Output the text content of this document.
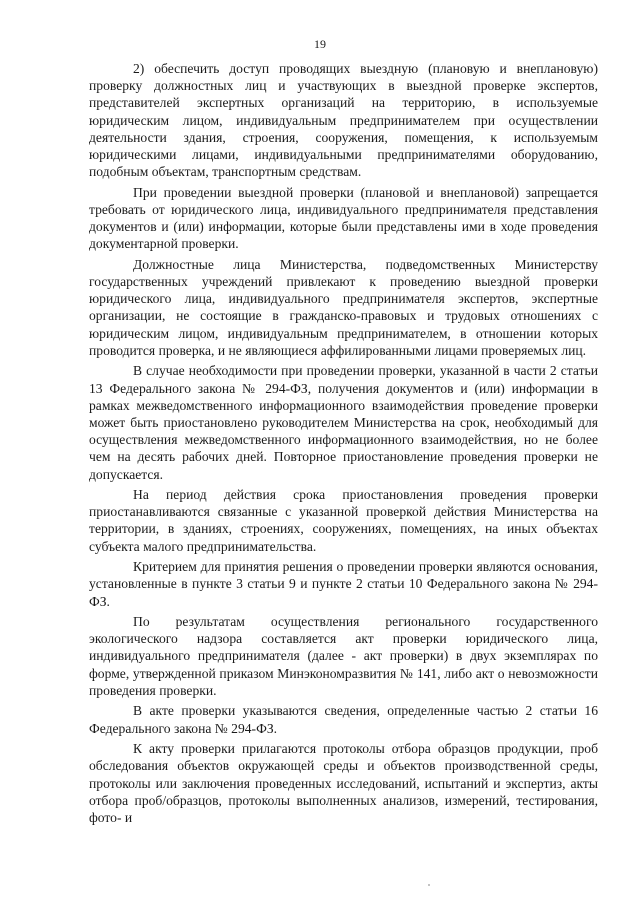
19

2) обеспечить доступ проводящих выездную (плановую и внеплановую) проверку должностных лиц и участвующих в выездной проверке экспертов, представителей экспертных организаций на территорию, в используемые юридическим лицом, индивидуальным предпринимателем при осуществлении деятельности здания, строения, сооружения, помещения, к используемым юридическими лицами, индивидуальными предпринимателями оборудованию, подобным объектам, транспортным средствам.

При проведении выездной проверки (плановой и внеплановой) запрещается требовать от юридического лица, индивидуального предпринимателя представления документов и (или) информации, которые были представлены ими в ходе проведения документарной проверки.

Должностные лица Министерства, подведомственных Министерству государственных учреждений привлекают к проведению выездной проверки юридического лица, индивидуального предпринимателя экспертов, экспертные организации, не состоящие в гражданско-правовых и трудовых отношениях с юридическим лицом, индивидуальным предпринимателем, в отношении которых проводится проверка, и не являющиеся аффилированными лицами проверяемых лиц.

В случае необходимости при проведении проверки, указанной в части 2 статьи 13 Федерального закона № 294-ФЗ, получения документов и (или) информации в рамках межведомственного информационного взаимодействия проведение проверки может быть приостановлено руководителем Министерства на срок, необходимый для осуществления межведомственного информационного взаимодействия, но не более чем на десять рабочих дней. Повторное приостановление проведения проверки не допускается.

На период действия срока приостановления проведения проверки приостанавливаются связанные с указанной проверкой действия Министерства на территории, в зданиях, строениях, сооружениях, помещениях, на иных объектах субъекта малого предпринимательства.

Критерием для принятия решения о проведении проверки являются основания, установленные в пункте 3 статьи 9 и пункте 2 статьи 10 Федерального закона № 294-ФЗ.

По результатам осуществления регионального государственного экологического надзора составляется акт проверки юридического лица, индивидуального предпринимателя (далее - акт проверки) в двух экземплярах по форме, утвержденной приказом Минэкономразвития № 141, либо акт о невозможности проведения проверки.

В акте проверки указываются сведения, определенные частью 2 статьи 16 Федерального закона № 294-ФЗ.

К акту проверки прилагаются протоколы отбора образцов продукции, проб обследования объектов окружающей среды и объектов производственной среды, протоколы или заключения проведенных исследований, испытаний и экспертиз, акты отбора проб/образцов, протоколы выполненных анализов, измерений, тестирования, фото- и
